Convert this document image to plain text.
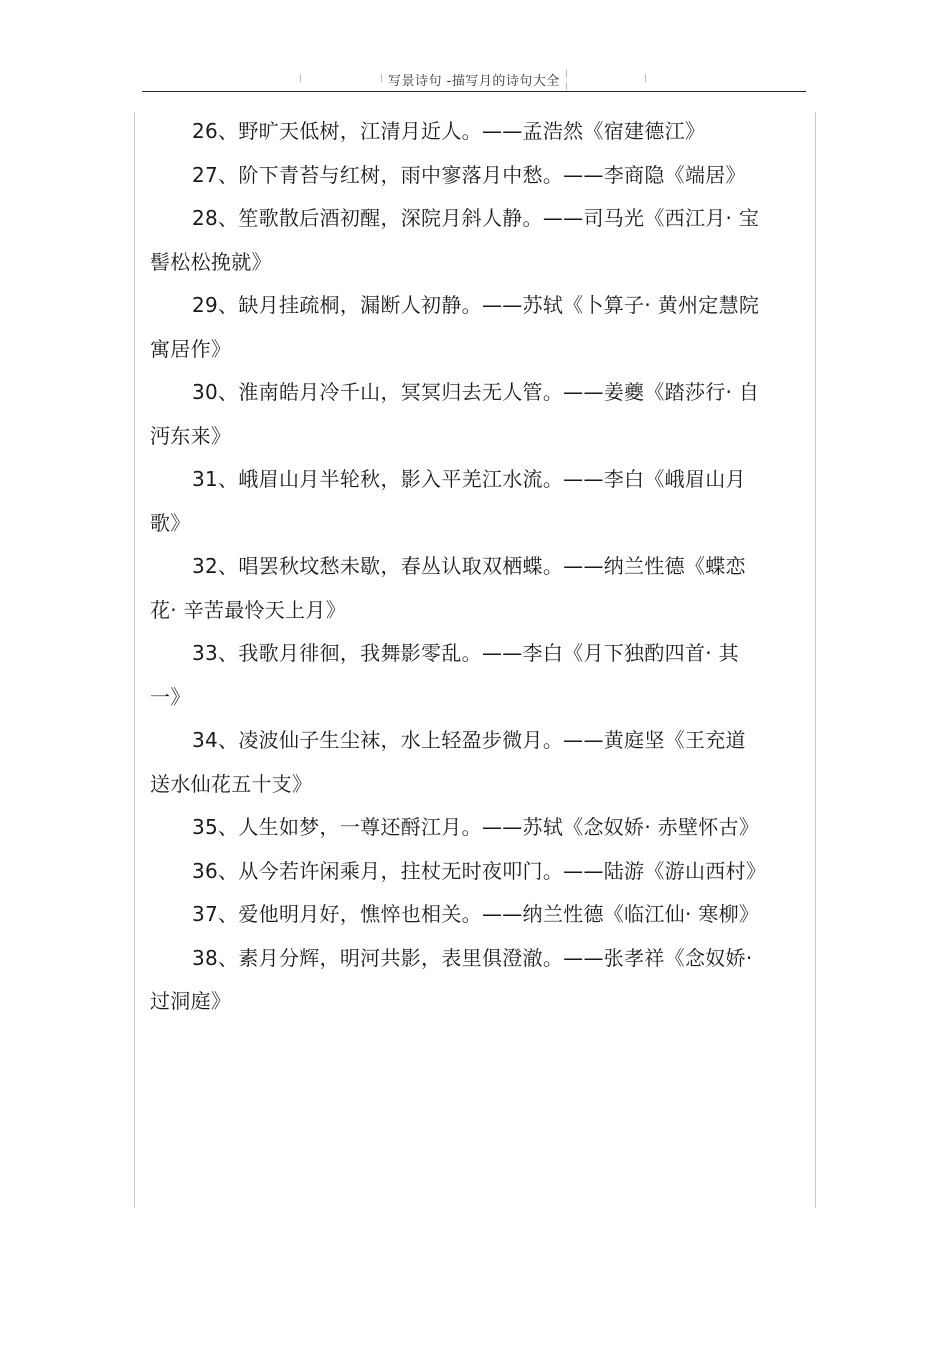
写景诗句 -描写月的诗句大全

26、野旷天低树，江清月近人。——孟浩然《宿建德江》

27、阶下青苔与红树，雨中寥落月中愁。——李商隐《端居》

28、笙歌散后酒初醒，深院月斜人静。——司马光《西江月· 宝髻松松挽就》

29、缺月挂疏桐，漏断人初静。——苏轼《卜算子· 黄州定慧院寓居作》

30、淮南皓月冷千山，冥冥归去无人管。——姜夔《踏莎行· 自沔东来》

31、峨眉山月半轮秋，影入平羌江水流。——李白《峨眉山月歌》

32、唱罢秋坟愁未歇，春丛认取双栖蝶。——纳兰性德《蝶恋花· 辛苦最怜天上月》

33、我歌月徘徊，我舞影零乱。——李白《月下独酌四首· 其一》

34、凌波仙子生尘袜，水上轻盈步微月。——黄庭坚《王充道送水仙花五十支》

35、人生如梦，一尊还酹江月。——苏轼《念奴娇· 赤壁怀古》

36、从今若许闲乘月，拄杖无时夜叩门。——陆游《游山西村》

37、爱他明月好，憔悴也相关。——纳兰性德《临江仙· 寒柳》

38、素月分辉，明河共影，表里俱澄澈。——张孝祥《念奴娇· 过洞庭》
